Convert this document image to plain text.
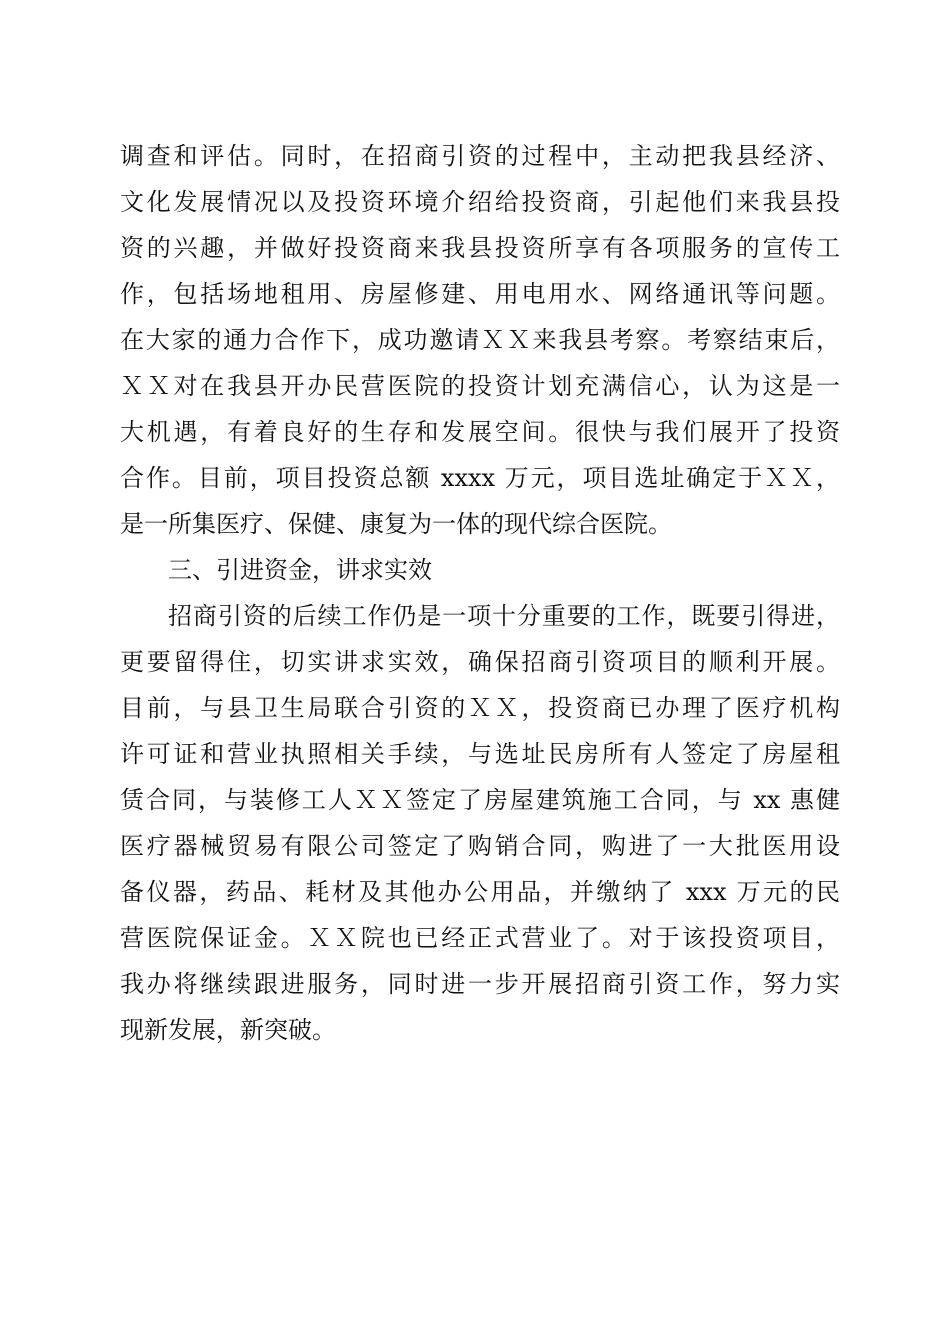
调查和评估。同时，在招商引资的过程中，主动把我县经济、
文化发展情况以及投资环境介绍给投资商，引起他们来我县投
资的兴趣，并做好投资商来我县投资所享有各项服务的宣传工
作，包括场地租用、房屋修建、用电用水、网络通讯等问题。
在大家的通力合作下，成功邀请ＸＸ来我县考察。考察结束后，
ＸＸ对在我县开办民营医院的投资计划充满信心，认为这是一
大机遇，有着良好的生存和发展空间。很快与我们展开了投资
合作。目前，项目投资总额 xxxx 万元，项目选址确定于ＸＸ，
是一所集医疗、保健、康复为一体的现代综合医院。
三、引进资金，讲求实效
招商引资的后续工作仍是一项十分重要的工作，既要引得进，
更要留得住，切实讲求实效，确保招商引资项目的顺利开展。
目前，与县卫生局联合引资的ＸＸ，投资商已办理了医疗机构
许可证和营业执照相关手续，与选址民房所有人签定了房屋租
赁合同，与装修工人ＸＸ签定了房屋建筑施工合同，与 xx 惠健
医疗器械贸易有限公司签定了购销合同，购进了一大批医用设
备仪器，药品、耗材及其他办公用品，并缴纳了 xxx 万元的民
营医院保证金。ＸＸ院也已经正式营业了。对于该投资项目，
我办将继续跟进服务，同时进一步开展招商引资工作，努力实
现新发展，新突破。
